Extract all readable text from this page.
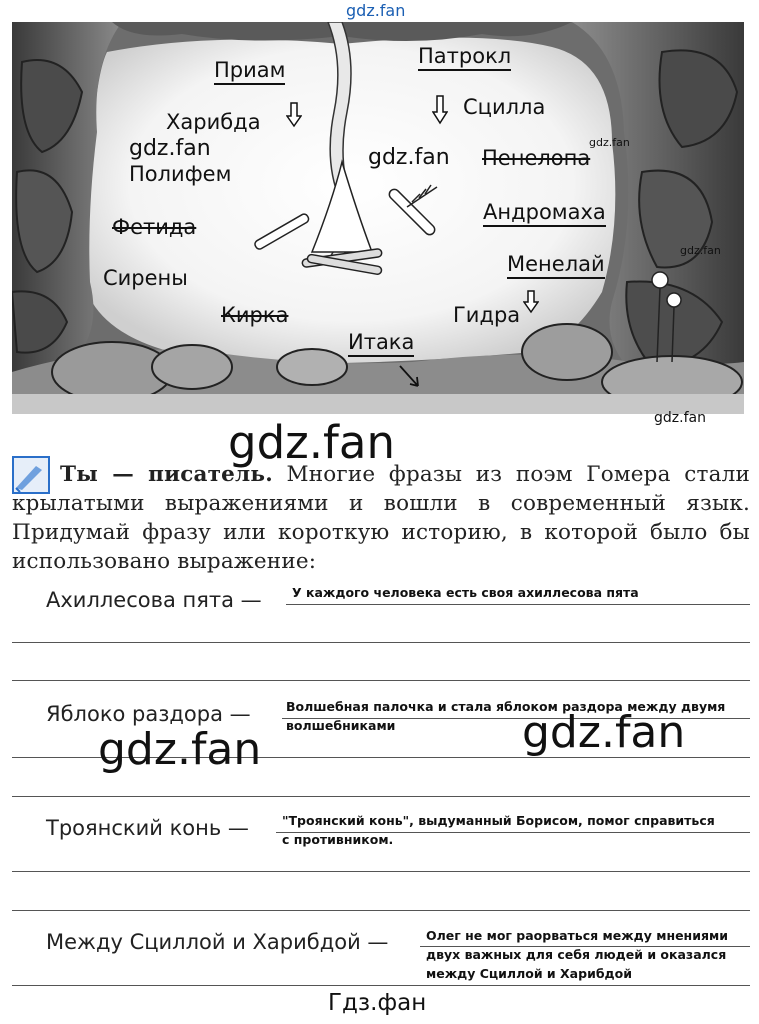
Приам
Харибда
Полифем
Фетида
Сирены
Кирка
Итака
Гидра
Менелай
Андромаха
Пенелопа
Сцилла
Патрокл
gdz.fan
gdz.fan	gdz.fan
gdz.fan
gdz.fan
gdz.fan
gdz.fan
Ты — писатель. Многие фразы из поэм Гомера стали крылатыми выражениями и вошли в современный язык. Придумай фразу или короткую историю, в которой было бы использовано выражение:
Ахиллесова пята — У каждого человека есть своя ахиллесова пята
Яблоко раздора —	Волшебная палочка и стала яблоком раздора между двумя волшебниками
Троянский конь —	"Троянский конь", выдуманный Борисом, помог справиться с противником.
Между Сциллой и Харибдой —	Олег не мог раорваться между мнениями двух важных для себя людей и оказался между Сциллой и Харибдой
gdz.fan	gdz.fan
Гдз.фан
